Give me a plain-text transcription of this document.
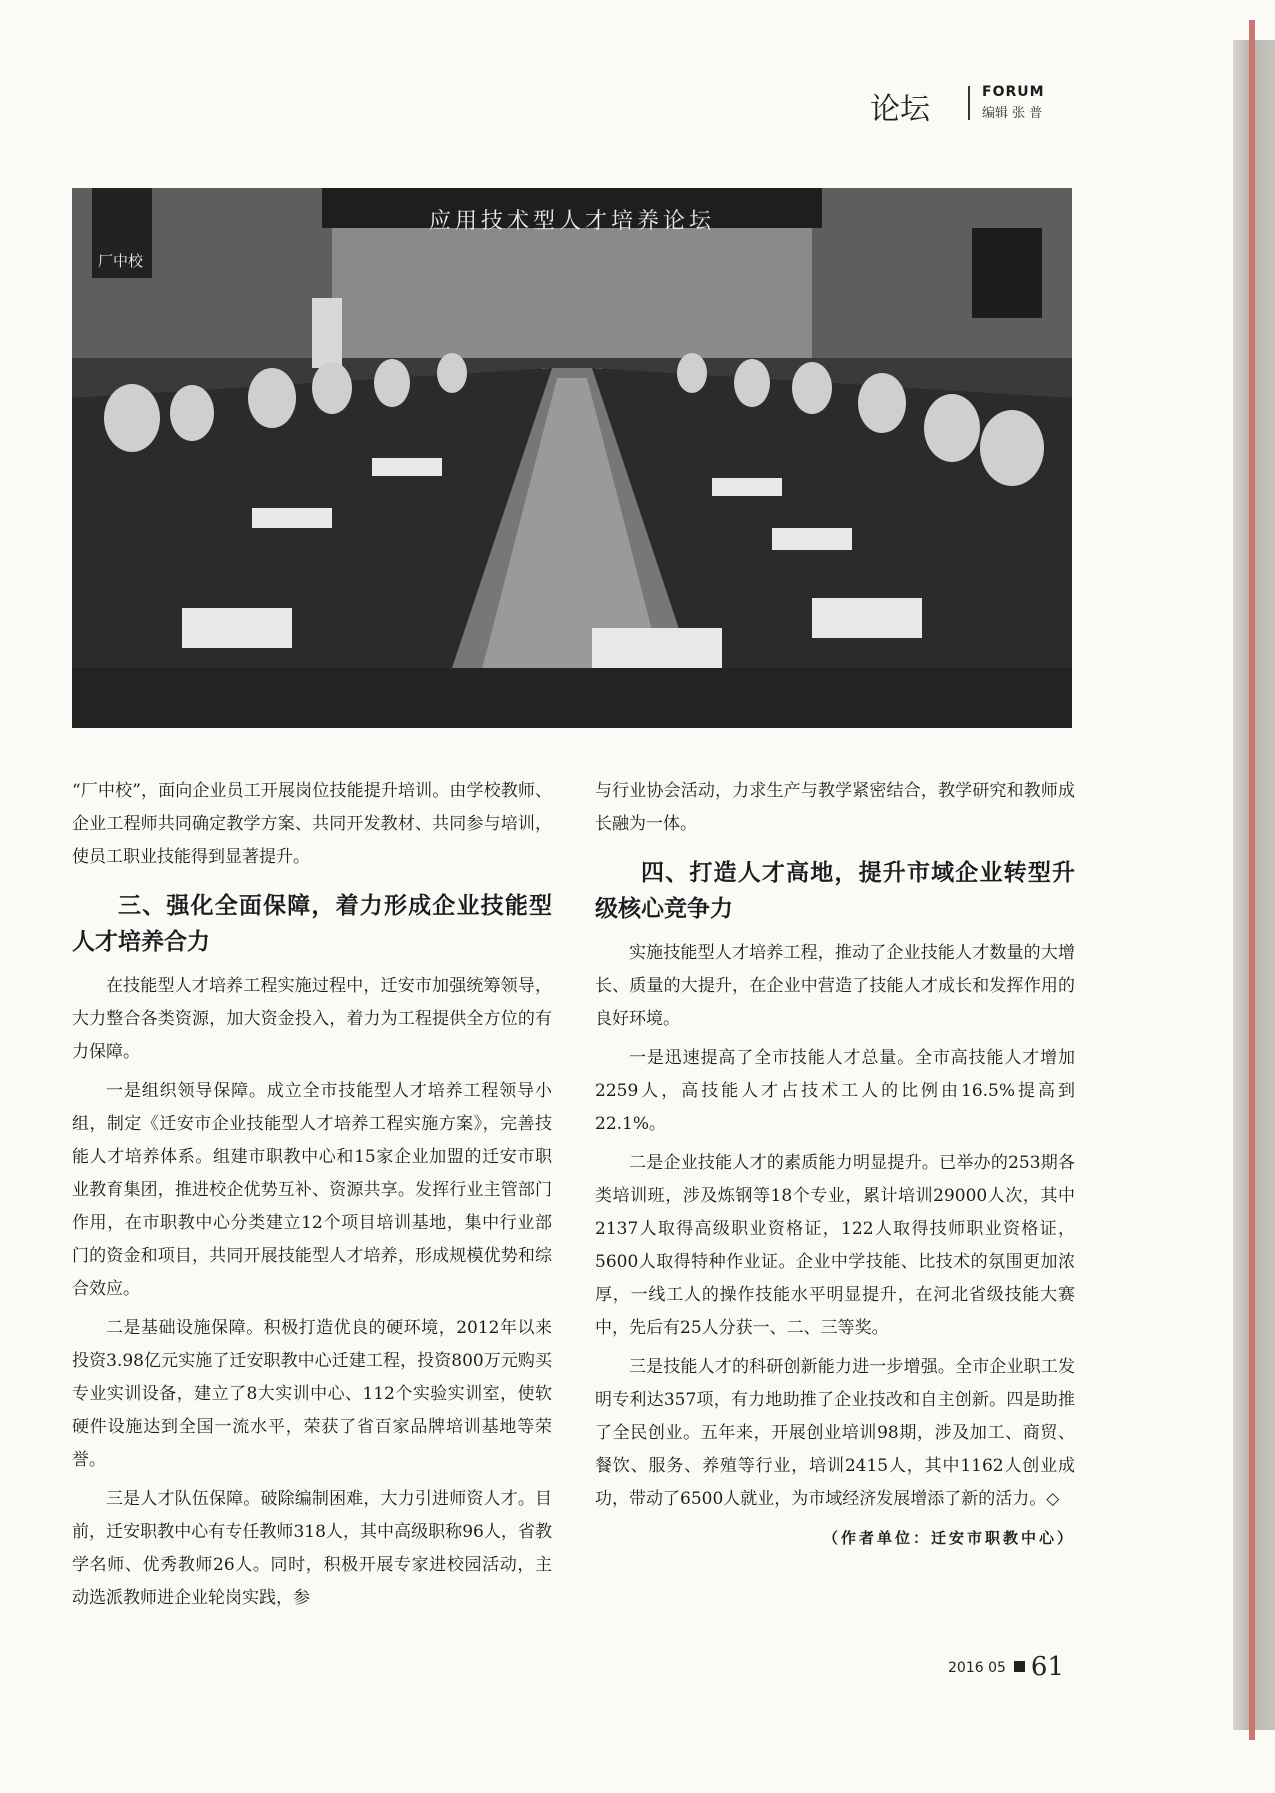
论坛	FORUM
编辑 张 普
应用技术型人才培养论坛
厂中校

“厂中校”，面向企业员工开展岗位技能提升培训。由学校教师、企业工程师共同确定教学方案、共同开发教材、共同参与培训，使员工职业技能得到显著提升。

三、强化全面保障，着力形成企业技能型人才培养合力

在技能型人才培养工程实施过程中，迁安市加强统筹领导，大力整合各类资源，加大资金投入，着力为工程提供全方位的有力保障。

一是组织领导保障。成立全市技能型人才培养工程领导小组，制定《迁安市企业技能型人才培养工程实施方案》，完善技能人才培养体系。组建市职教中心和15家企业加盟的迁安市职业教育集团，推进校企优势互补、资源共享。发挥行业主管部门作用，在市职教中心分类建立12个项目培训基地，集中行业部门的资金和项目，共同开展技能型人才培养，形成规模优势和综合效应。

二是基础设施保障。积极打造优良的硬环境，2012年以来投资3.98亿元实施了迁安职教中心迁建工程，投资800万元购买专业实训设备，建立了8大实训中心、112个实验实训室，使软硬件设施达到全国一流水平，荣获了省百家品牌培训基地等荣誉。

三是人才队伍保障。破除编制困难，大力引进师资人才。目前，迁安职教中心有专任教师318人，其中高级职称96人，省教学名师、优秀教师26人。同时，积极开展专家进校园活动，主动选派教师进企业轮岗实践，参

与行业协会活动，力求生产与教学紧密结合，教学研究和教师成长融为一体。

四、打造人才高地，提升市域企业转型升级核心竞争力

实施技能型人才培养工程，推动了企业技能人才数量的大增长、质量的大提升，在企业中营造了技能人才成长和发挥作用的良好环境。

一是迅速提高了全市技能人才总量。全市高技能人才增加2259人，高技能人才占技术工人的比例由16.5%提高到22.1%。

二是企业技能人才的素质能力明显提升。已举办的253期各类培训班，涉及炼钢等18个专业，累计培训29000人次，其中2137人取得高级职业资格证，122人取得技师职业资格证，5600人取得特种作业证。企业中学技能、比技术的氛围更加浓厚，一线工人的操作技能水平明显提升，在河北省级技能大赛中，先后有25人分获一、二、三等奖。

三是技能人才的科研创新能力进一步增强。全市企业职工发明专利达357项，有力地助推了企业技改和自主创新。四是助推了全民创业。五年来，开展创业培训98期，涉及加工、商贸、餐饮、服务、养殖等行业，培训2415人，其中1162人创业成功，带动了6500人就业，为市域经济发展增添了新的活力。◇

（作者单位：迁安市职教中心）
2016 05 61
